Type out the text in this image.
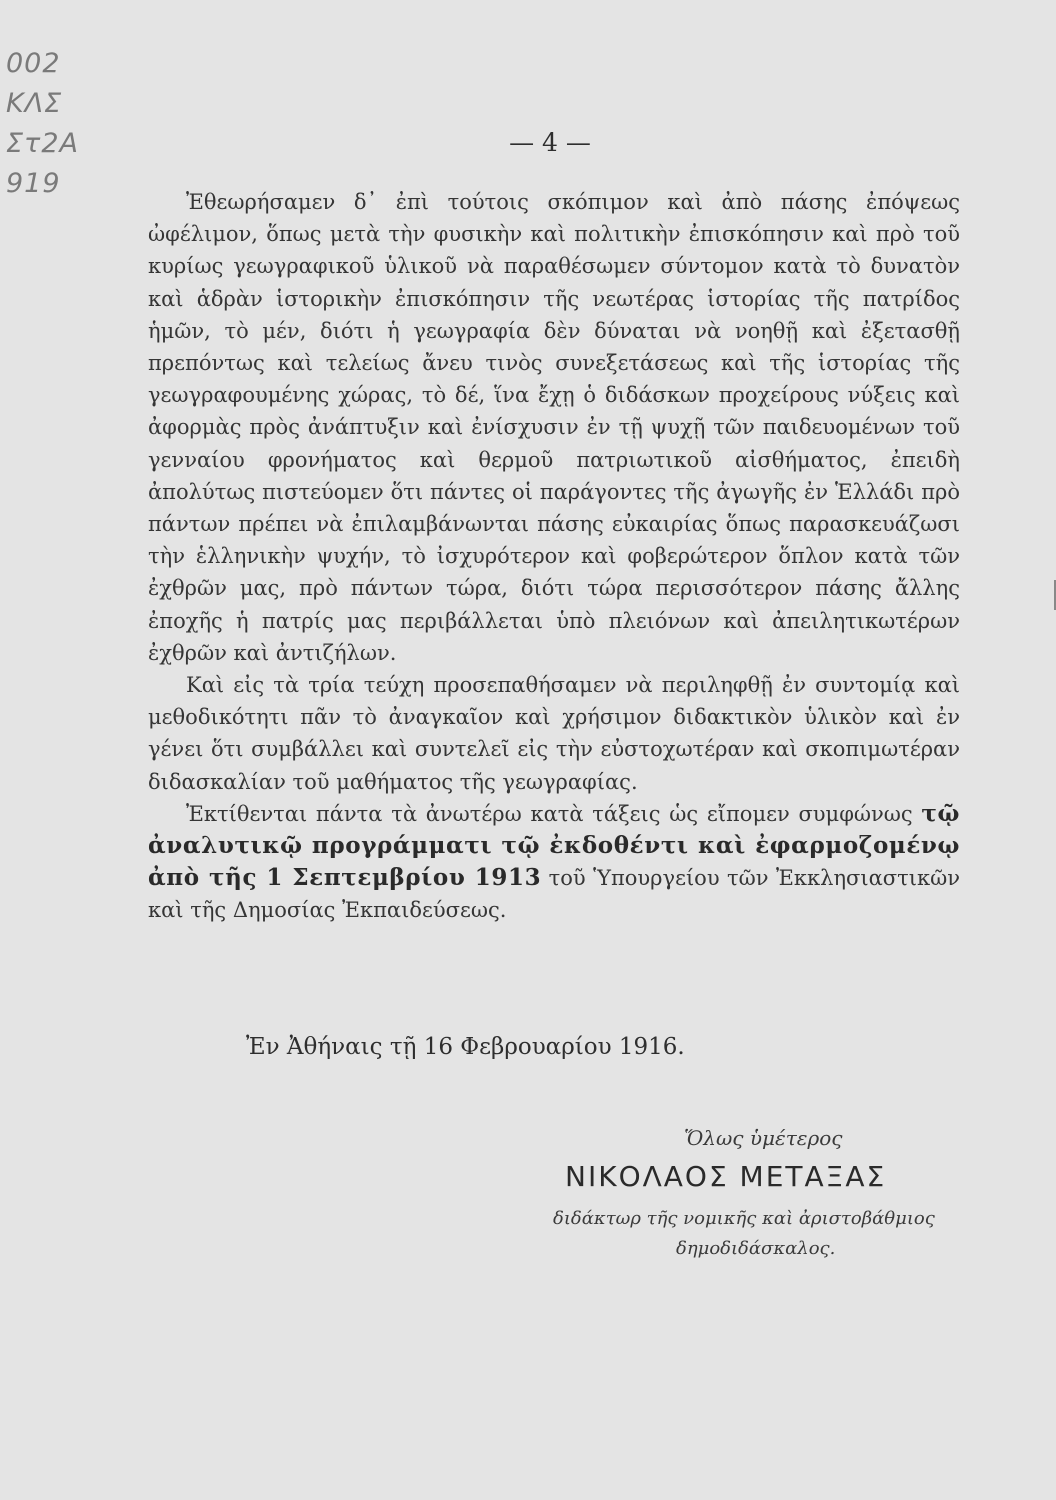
002
ΚΛΣ
Στ2Α
919
— 4 —

Ἐθεωρήσαμεν δ᾽ ἐπὶ τούτοις σκόπιμον καὶ ἀπὸ πάσης ἐπόψεως ὠφέλιμον, ὅπως μετὰ τὴν φυσικὴν καὶ πολιτικὴν ἐπισκόπησιν καὶ πρὸ τοῦ κυρίως γεωγραφικοῦ ὑλικοῦ νὰ παραθέσωμεν σύντομον κατὰ τὸ δυνατὸν καὶ ἁδρὰν ἱστορικὴν ἐπισκόπησιν τῆς νεωτέρας ἱστορίας τῆς πατρίδος ἡμῶν, τὸ μέν, διότι ἡ γεωγραφία δὲν δύναται νὰ νοηθῇ καὶ ἐξετασθῇ πρεπόντως καὶ τελείως ἄνευ τινὸς συνεξετάσεως καὶ τῆς ἱστορίας τῆς γεωγραφουμένης χώρας, τὸ δέ, ἵνα ἔχῃ ὁ διδάσκων προχείρους νύξεις καὶ ἀφορμὰς πρὸς ἀνάπτυξιν καὶ ἐνίσχυσιν ἐν τῇ ψυχῇ τῶν παιδευομένων τοῦ γενναίου φρονήματος καὶ θερμοῦ πατριωτικοῦ αἰσθήματος, ἐπειδὴ ἀπολύτως πιστεύομεν ὅτι πάντες οἱ παράγοντες τῆς ἀγωγῆς ἐν Ἑλλάδι πρὸ πάντων πρέπει νὰ ἐπιλαμβάνωνται πάσης εὐκαιρίας ὅπως παρασκευάζωσι τὴν ἑλληνικὴν ψυχήν, τὸ ἰσχυρότερον καὶ φοβερώτερον ὅπλον κατὰ τῶν ἐχθρῶν μας, πρὸ πάντων τώρα, διότι τώρα περισσότερον πάσης ἄλλης ἐποχῆς ἡ πατρίς μας περιβάλλεται ὑπὸ πλειόνων καὶ ἀπειλητικωτέρων ἐχθρῶν καὶ ἀντιζήλων.

Καὶ εἰς τὰ τρία τεύχη προσεπαθήσαμεν νὰ περιληφθῇ ἐν συντομίᾳ καὶ μεθοδικότητι πᾶν τὸ ἀναγκαῖον καὶ χρήσιμον διδακτικὸν ὑλικὸν καὶ ἐν γένει ὅτι συμβάλλει καὶ συντελεῖ εἰς τὴν εὐστοχωτέραν καὶ σκοπιμωτέραν διδασκαλίαν τοῦ μαθήματος τῆς γεωγραφίας.

Ἐκτίθενται πάντα τὰ ἀνωτέρω κατὰ τάξεις ὡς εἴπομεν συμφώνως τῷ ἀναλυτικῷ προγράμματι τῷ ἐκδοθέντι καὶ ἐφαρμοζομένῳ ἀπὸ τῆς 1 Σεπτεμβρίου 1913 τοῦ Ὑπουργείου τῶν Ἐκκλησιαστικῶν καὶ τῆς Δημοσίας Ἐκπαιδεύσεως.

Ἐν Ἀθήναις τῇ 16 Φεβρουαρίου 1916.
Ὅλως ὑμέτερος
ΝΙΚΟΛΑΟΣ ΜΕΤΑΞΑΣ
διδάκτωρ τῆς νομικῆς καὶ ἀριστοβάθμιος
δημοδιδάσκαλος.
